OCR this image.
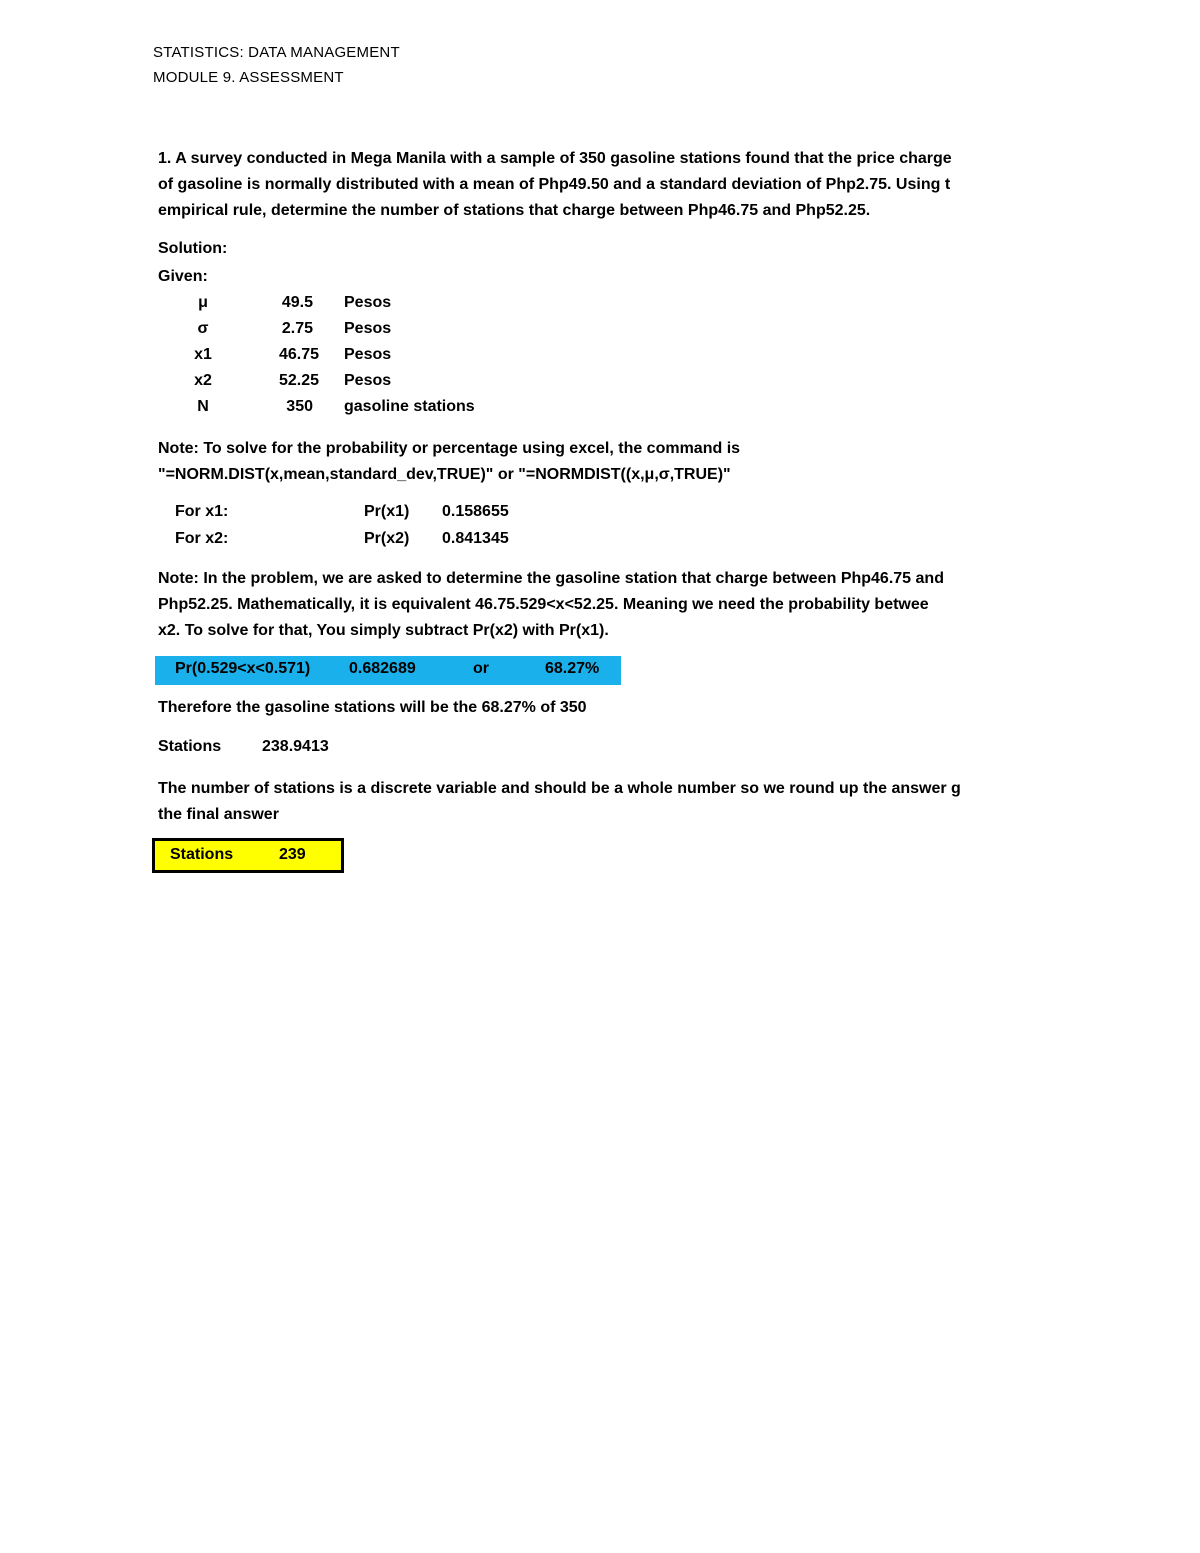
STATISTICS: DATA MANAGEMENT
MODULE 9. ASSESSMENT
1. A survey conducted in Mega Manila with a sample of 350 gasoline stations found that the price charge
of gasoline is normally distributed with a mean of Php49.50 and a standard deviation of Php2.75. Using t
empirical rule, determine the number of stations that charge between Php46.75 and Php52.25.
Solution:
Given:
μ	49.5 Pesos
σ	2.75 Pesos
x1	46.75 Pesos
x2	52.25 Pesos
N	350 gasoline stations
Note: To solve for the probability or percentage using excel, the command is
"=NORM.DIST(x,mean,standard_dev,TRUE)" or "=NORMDIST((x,μ,σ,TRUE)"
For x1:	Pr(x1) 0.158655
For x2:	Pr(x2) 0.841345
Note: In the problem, we are asked to determine the gasoline station that charge between Php46.75 and
Php52.25. Mathematically, it is equivalent 46.75.529<x<52.25. Meaning we need the probability betwee
x2. To solve for that, You simply subtract Pr(x2) with Pr(x1).
Pr(0.529<x<0.571) 0.682689	or	68.27%
Therefore the gasoline stations will be the 68.27% of 350
Stations	238.9413
The number of stations is a discrete variable and should be a whole number so we round up the answer g
the final answer
Stations	239
